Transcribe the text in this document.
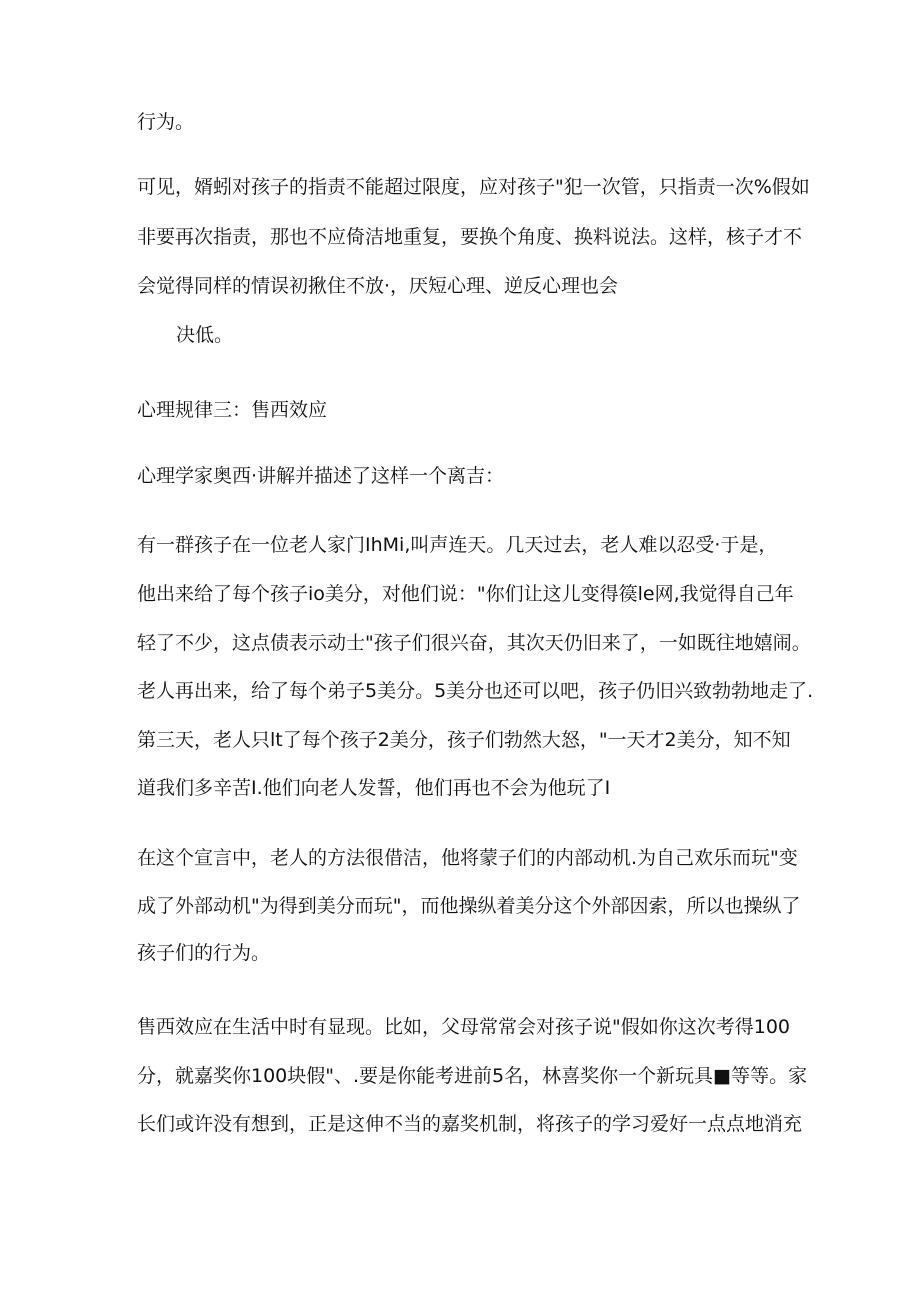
行为。
可见，婿蚓对孩子的指责不能超过限度，应对孩子"犯一次管，只指责一次%假如
非要再次指责，那也不应倚洁地重复，要换个角度、换料说法。这样，核子才不
会觉得同样的情误初揪住不放·，厌短心理、逆反心理也会
决低。
心理规律三：售西效应
心理学家奥西·讲解并描述了这样一个离吉：
有一群孩子在一位老人家门IhMi,叫声连天。几天过去，老人难以忍受·于是，
他出来给了每个孩子io美分，对他们说："你们让这儿变得篌le网,我觉得自己年
轻了不少，这点债表示动士"孩子们很兴奋，其次天仍旧来了，一如既往地嬉闹。
老人再出来，给了每个弟子5美分。5美分也还可以吧，孩子仍旧兴致勃勃地走了.
第三天，老人只lt了每个孩子2美分，孩子们勃然大怒，"一天才2美分，知不知
道我们多辛苦I.他们向老人发誓，他们再也不会为他玩了I
在这个宣言中，老人的方法很借洁，他将蒙子们的内部动机.为自己欢乐而玩"变
成了外部动机"为得到美分而玩"，而他操纵着美分这个外部因索，所以也操纵了
孩子们的行为。
售西效应在生活中时有显现。比如，父母常常会对孩子说"假如你这次考得100
分，就嘉奖你100块假"、.要是你能考进前5名，林喜奖你一个新玩具■等等。家
长们或许没有想到，正是这伸不当的嘉奖机制，将孩子的学习爱好一点点地消充
